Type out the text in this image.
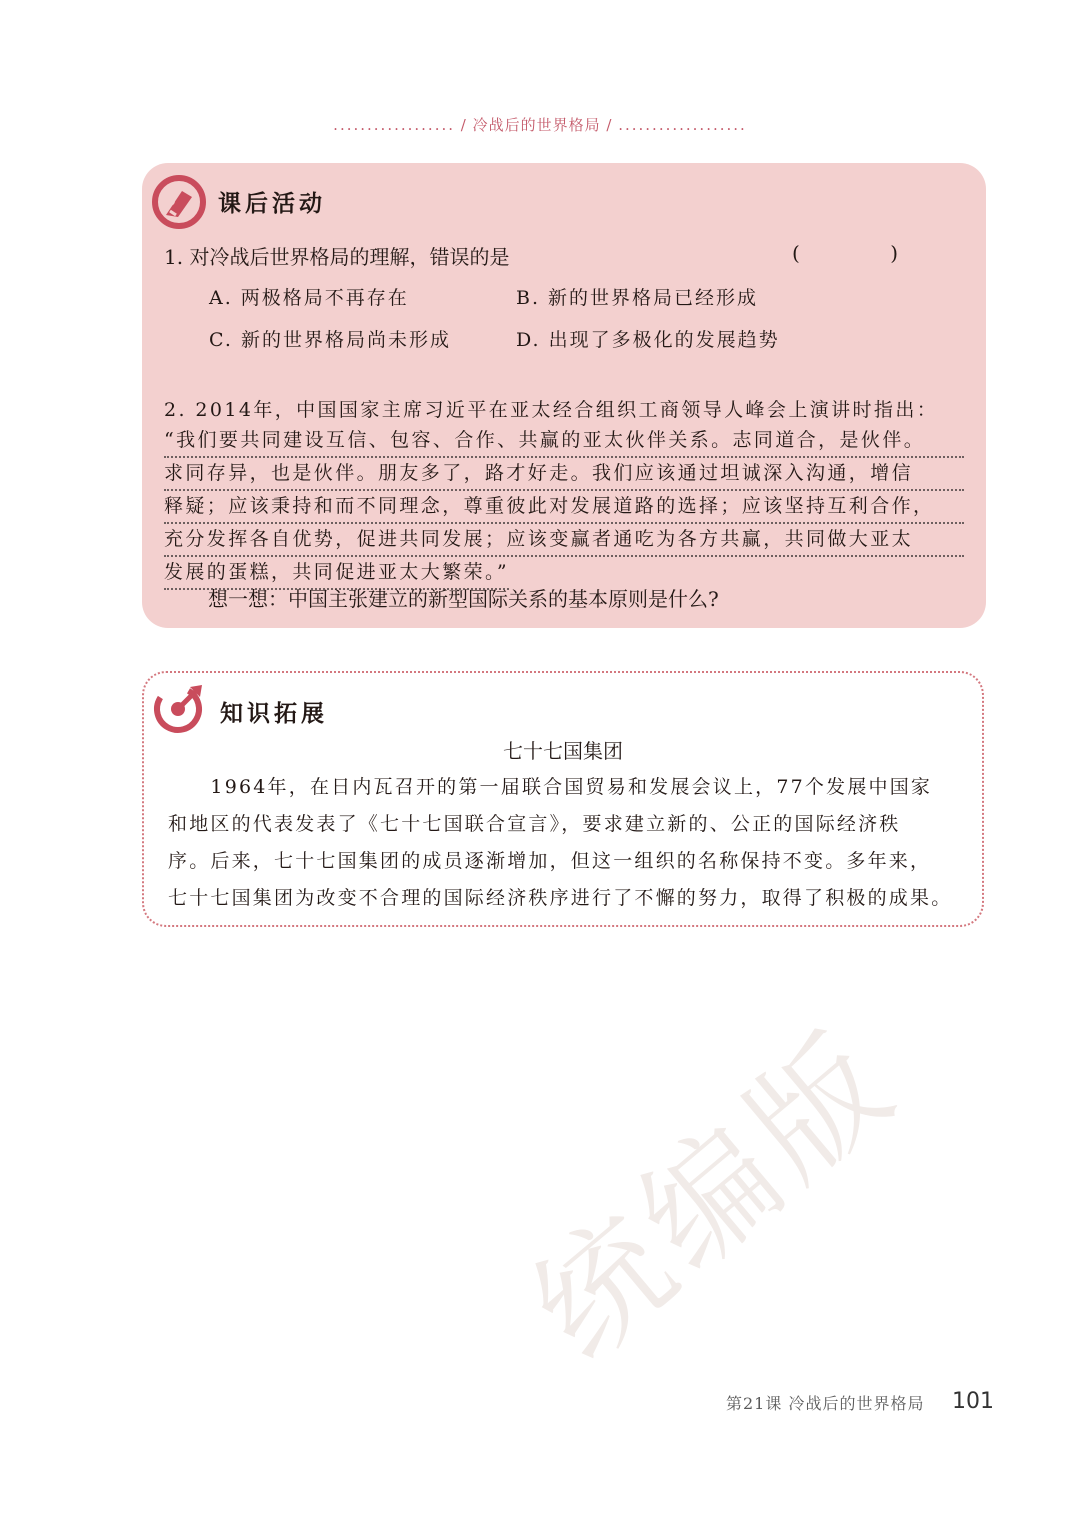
.................. / 冷战后的世界格局 / ...................
课后活动
1. 对冷战后世界格局的理解，错误的是	( )
A. 两极格局不再存在	B. 新的世界格局已经形成
C. 新的世界格局尚未形成	D. 出现了多极化的发展趋势
2. 2014年，中国国家主席习近平在亚太经合组织工商领导人峰会上演讲时指出：
“我们要共同建设互信、包容、合作、共赢的亚太伙伴关系。志同道合，是伙伴。
求同存异，也是伙伴。朋友多了，路才好走。我们应该通过坦诚深入沟通，增信
释疑；应该秉持和而不同理念，尊重彼此对发展道路的选择；应该坚持互利合作，
充分发挥各自优势，促进共同发展；应该变赢者通吃为各方共赢，共同做大亚太
发展的蛋糕，共同促进亚太大繁荣。”
想一想：中国主张建立的新型国际关系的基本原则是什么?
知识拓展
七十七国集团
　　1964年，在日内瓦召开的第一届联合国贸易和发展会议上，77个发展中国家
和地区的代表发表了《七十七国联合宣言》，要求建立新的、公正的国际经济秩
序。后来，七十七国集团的成员逐渐增加，但这一组织的名称保持不变。多年来，
七十七国集团为改变不合理的国际经济秩序进行了不懈的努力，取得了积极的成果。
统编版
第21课 冷战后的世界格局 101
